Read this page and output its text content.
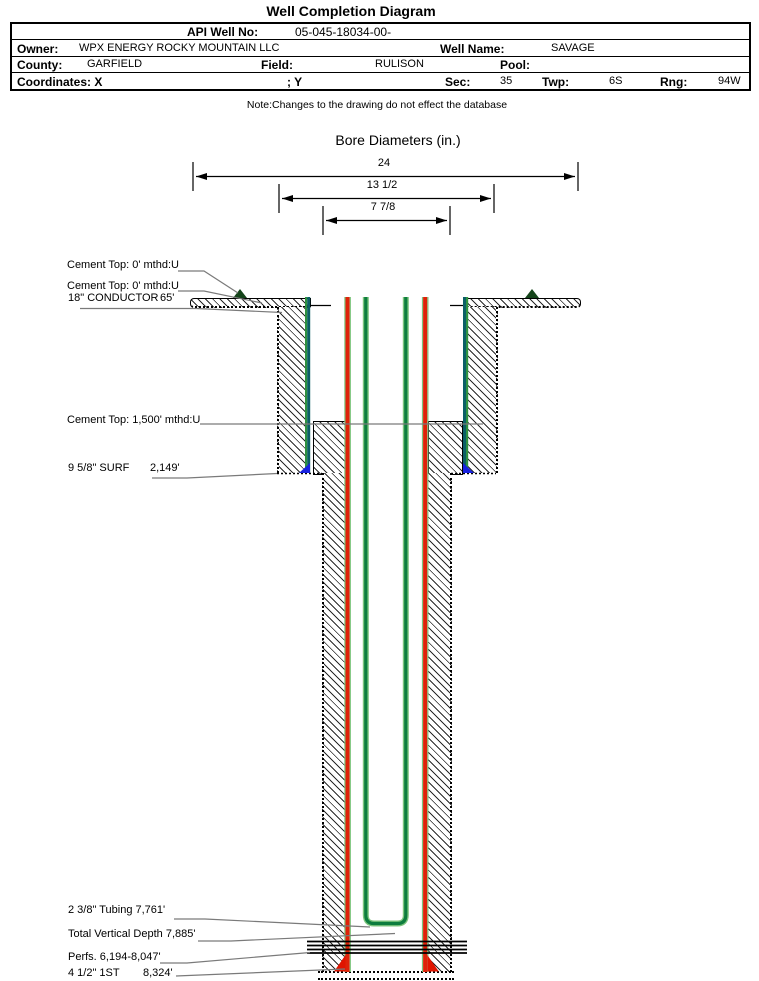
Well Completion Diagram
API Well No:	05-045-18034-00-
Owner: WPX ENERGY ROCKY MOUNTAIN LLC	Well Name:	SAVAGE
County: GARFIELD	Field:	RULISON	Pool:
Coordinates: X	; Y	Sec:	35 Twp:	6S	Rng:	94W
Note:Changes to the drawing do not effect the database
Bore Diameters (in.)
24
13 1/2
7 7/8
Cement Top: 0' mthd:U
Cement Top: 0' mthd:U
18" CONDUCTOR 65'
Cement Top: 1,500' mthd:U
9 5/8" SURF 2,149'
2 3/8" Tubing 7,761'
Total Vertical Depth 7,885'
Perfs. 6,194-8,047'
4 1/2" 1ST 8,324'
